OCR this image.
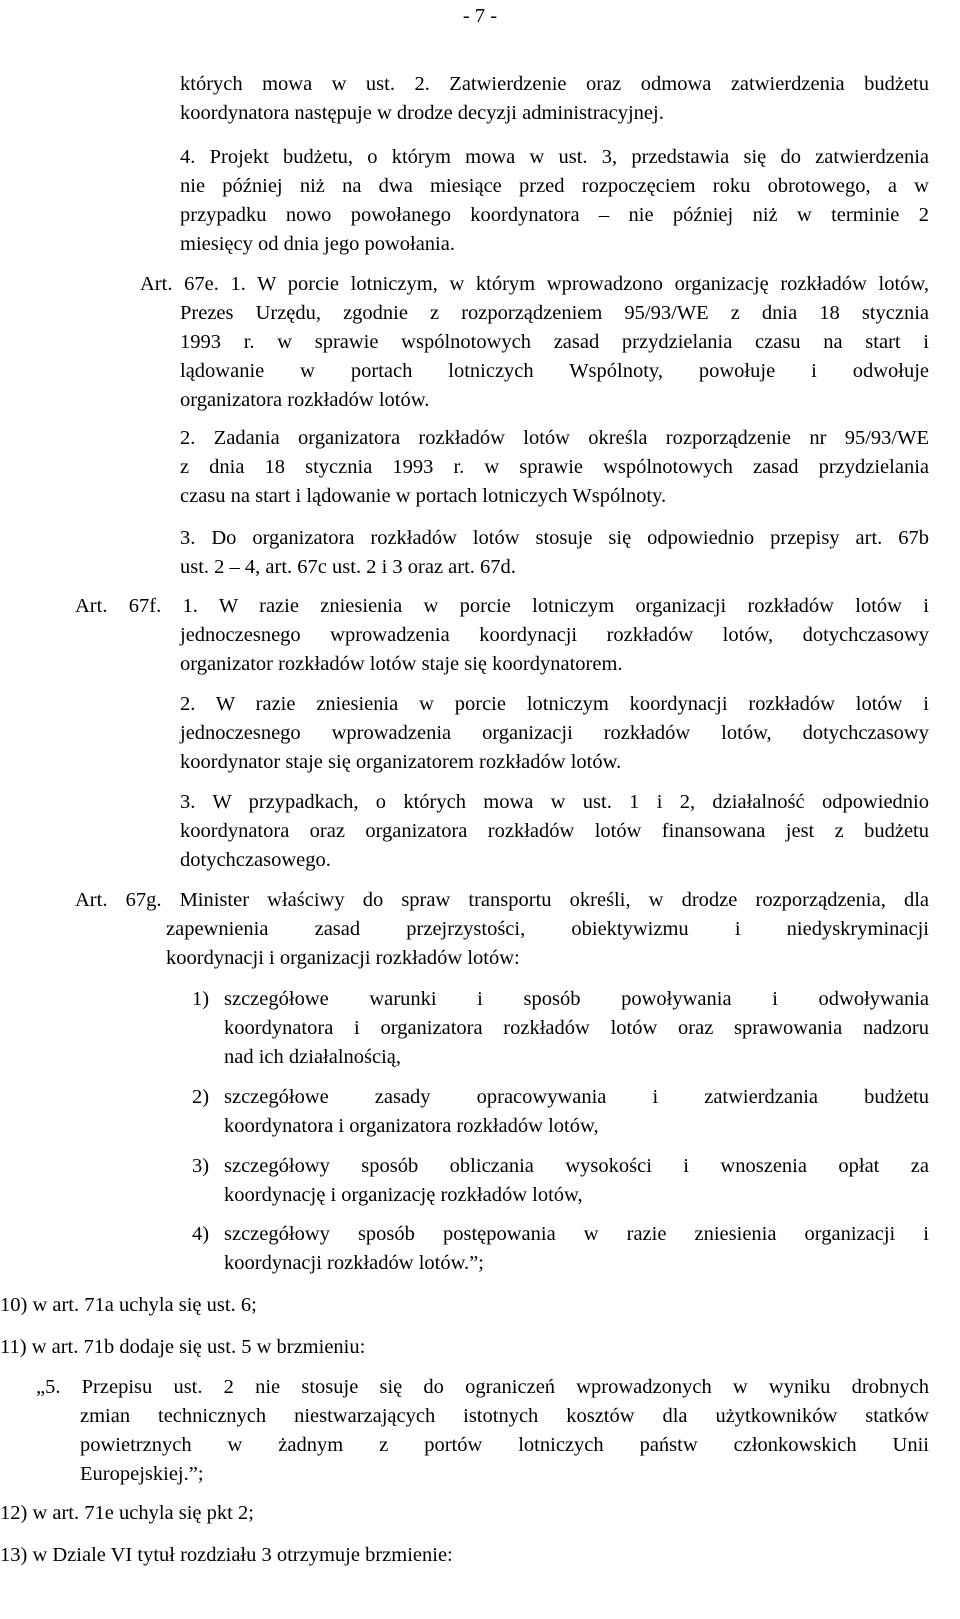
- 7 -
których mowa w ust. 2. Zatwierdzenie oraz odmowa zatwierdzenia budżetu
koordynatora następuje w drodze decyzji administracyjnej.
4. Projekt budżetu, o którym mowa w ust. 3, przedstawia się do zatwierdzenia
nie później niż na dwa miesiące przed rozpoczęciem roku obrotowego, a w
przypadku nowo powołanego koordynatora – nie później niż w terminie 2
miesięcy od dnia jego powołania.
Art. 67e. 1. W porcie lotniczym, w którym wprowadzono organizację rozkładów lotów,
Prezes Urzędu, zgodnie z rozporządzeniem 95/93/WE z dnia 18 stycznia
1993 r. w sprawie wspólnotowych zasad przydzielania czasu na start i
lądowanie w portach lotniczych Wspólnoty, powołuje i odwołuje
organizatora rozkładów lotów.
2. Zadania organizatora rozkładów lotów określa rozporządzenie nr 95/93/WE
z dnia 18 stycznia 1993 r. w sprawie wspólnotowych zasad przydzielania
czasu na start i lądowanie w portach lotniczych Wspólnoty.
3. Do organizatora rozkładów lotów stosuje się odpowiednio przepisy art. 67b
ust. 2 – 4, art. 67c ust. 2 i 3 oraz art. 67d.
Art. 67f. 1. W razie zniesienia w porcie lotniczym organizacji rozkładów lotów i
jednoczesnego wprowadzenia koordynacji rozkładów lotów, dotychczasowy
organizator rozkładów lotów staje się koordynatorem.
2. W razie zniesienia w porcie lotniczym koordynacji rozkładów lotów i
jednoczesnego wprowadzenia organizacji rozkładów lotów, dotychczasowy
koordynator staje się organizatorem rozkładów lotów.
3. W przypadkach, o których mowa w ust. 1 i 2, działalność odpowiednio
koordynatora oraz organizatora rozkładów lotów finansowana jest z budżetu
dotychczasowego.
Art. 67g. Minister właściwy do spraw transportu określi, w drodze rozporządzenia, dla
zapewnienia zasad przejrzystości, obiektywizmu i niedyskryminacji
koordynacji i organizacji rozkładów lotów:
1) szczegółowe warunki i sposób powoływania i odwoływania
koordynatora i organizatora rozkładów lotów oraz sprawowania nadzoru
nad ich działalnością,
2) szczegółowe zasady opracowywania i zatwierdzania budżetu
koordynatora i organizatora rozkładów lotów,
3) szczegółowy sposób obliczania wysokości i wnoszenia opłat za
koordynację i organizację rozkładów lotów,
4) szczegółowy sposób postępowania w razie zniesienia organizacji i
koordynacji rozkładów lotów.”;
10) w art. 71a uchyla się ust. 6;
11) w art. 71b dodaje się ust. 5 w brzmieniu:
„5. Przepisu ust. 2 nie stosuje się do ograniczeń wprowadzonych w wyniku drobnych
zmian technicznych niestwarzających istotnych kosztów dla użytkowników statków
powietrznych w żadnym z portów lotniczych państw członkowskich Unii
Europejskiej.”;
12) w art. 71e uchyla się pkt 2;
13) w Dziale VI tytuł rozdziału 3 otrzymuje brzmienie:
